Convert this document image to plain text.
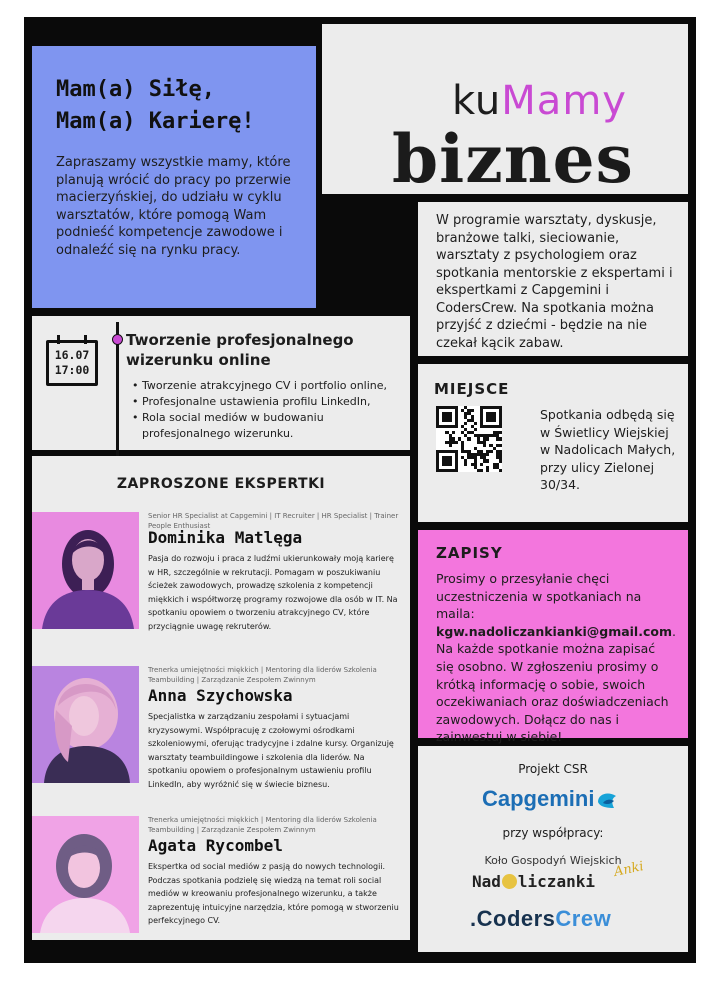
Mam(a) Siłę,
Mam(a) Karierę!

Zapraszamy wszystkie mamy, które planują wrócić do pracy po przerwie macierzyńskiej, do udziału w cyklu warsztatów, które pomogą Wam podnieść kompetencje zawodowe i odnaleźć się na rynku pracy.

kuMamy
biznes

W programie warsztaty, dyskusje, branżowe talki, sieciowanie, warsztaty z psychologiem oraz spotkania mentorskie z ekspertami i ekspertkami z Capgemini i CodersCrew. Na spotkania można przyjść z dziećmi - będzie na nie czekał kącik zabaw.

16.07
17:00
Tworzenie profesjonalnego wizerunku online
• Tworzenie atrakcyjnego CV i portfolio online,
• Profesjonalne ustawienia profilu LinkedIn,
• Rola social mediów w budowaniu profesjonalnego wizerunku.
MIEJSCE

Spotkania odbędą się w Świetlicy Wiejskiej w Nadolicach Małych, przy ulicy Zielonej 30/34.

ZAPISY

Prosimy o przesyłanie chęci uczestniczenia w spotkaniach na maila: kgw.nadoliczankianki@gmail.com. Na każde spotkanie można zapisać się osobno. W zgłoszeniu prosimy o krótką informację o sobie, swoich oczekiwaniach oraz doświadczeniach zawodowych. Dołącz do nas i zainwestuj w siebie!

Projekt CSR
Capgemini
przy współpracy:
Koło Gospodyń Wiejskich
Nad liczanki
Anki
.CodersCrew
ZAPROSZONE EKSPERTKI
Senior HR Specialist at Capgemini | IT Recruiter | HR Specialist | Trainer People Enthusiast
Dominika Matlęga
Pasja do rozwoju i praca z ludźmi ukierunkowały moją karierę w HR, szczególnie w rekrutacji. Pomagam w poszukiwaniu ścieżek zawodowych, prowadzę szkolenia z kompetencji miękkich i współtworzę programy rozwojowe dla osób w IT. Na spotkaniu opowiem o tworzeniu atrakcyjnego CV, które przyciągnie uwagę rekruterów.
Trenerka umiejętności miękkich | Mentoring dla liderów Szkolenia Teambuilding | Zarządzanie Zespołem Zwinnym
Anna Szychowska
Specjalistka w zarządzaniu zespołami i sytuacjami kryzysowymi. Współpracuję z czołowymi ośrodkami szkoleniowymi, oferując tradycyjne i zdalne kursy. Organizuję warsztaty teambuildingowe i szkolenia dla liderów. Na spotkaniu opowiem o profesjonalnym ustawieniu profilu LinkedIn, aby wyróżnić się w świecie biznesu.
Trenerka umiejętności miękkich | Mentoring dla liderów Szkolenia Teambuilding | Zarządzanie Zespołem Zwinnym
Agata Rycombel
Ekspertka od social mediów z pasją do nowych technologii. Podczas spotkania podzielę się wiedzą na temat roli social mediów w kreowaniu profesjonalnego wizerunku, a także zaprezentuję intuicyjne narzędzia, które pomogą w stworzeniu perfekcyjnego CV.
